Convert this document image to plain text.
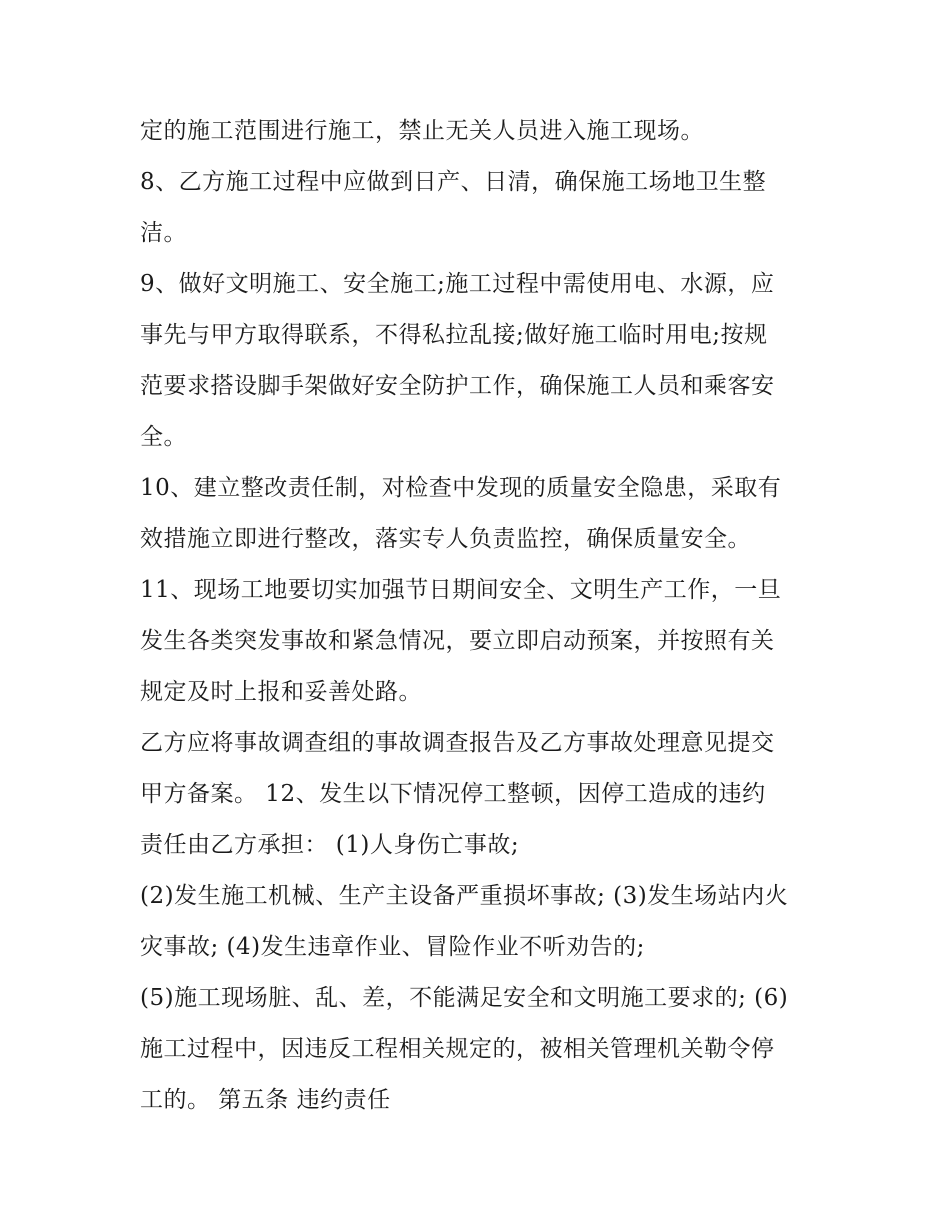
定的施工范围进行施工，禁止无关人员进入施工现场。
8、乙方施工过程中应做到日产、日清，确保施工场地卫生整
洁。
9、做好文明施工、安全施工;施工过程中需使用电、水源，应
事先与甲方取得联系，不得私拉乱接;做好施工临时用电;按规
范要求搭设脚手架做好安全防护工作，确保施工人员和乘客安
全。
10、建立整改责任制，对检查中发现的质量安全隐患，采取有
效措施立即进行整改，落实专人负责监控，确保质量安全。
11、现场工地要切实加强节日期间安全、文明生产工作，一旦
发生各类突发事故和紧急情况，要立即启动预案，并按照有关
规定及时上报和妥善处路。
乙方应将事故调查组的事故调查报告及乙方事故处理意见提交
甲方备案。 12、发生以下情况停工整顿，因停工造成的违约
责任由乙方承担： (1)人身伤亡事故;
(2)发生施工机械、生产主设备严重损坏事故; (3)发生场站内火
灾事故; (4)发生违章作业、冒险作业不听劝告的;
(5)施工现场脏、乱、差，不能满足安全和文明施工要求的; (6)
施工过程中，因违反工程相关规定的，被相关管理机关勒令停
工的。 第五条 违约责任
